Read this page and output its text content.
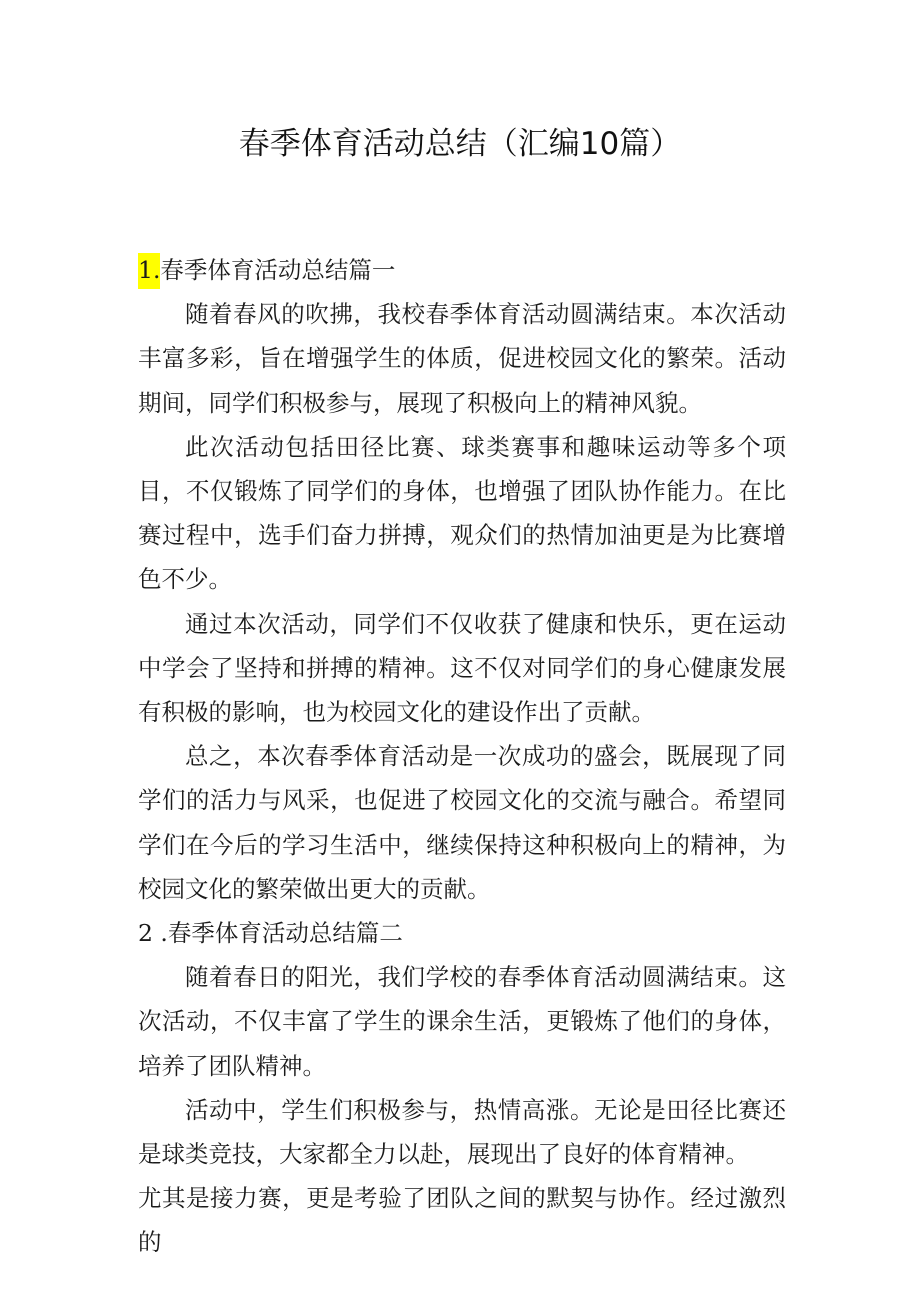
春季体育活动总结（汇编10篇）

1.春季体育活动总结篇一

随着春风的吹拂，我校春季体育活动圆满结束。本次活动丰富多彩，旨在增强学生的体质，促进校园文化的繁荣。活动期间，同学们积极参与，展现了积极向上的精神风貌。

此次活动包括田径比赛、球类赛事和趣味运动等多个项目，不仅锻炼了同学们的身体，也增强了团队协作能力。在比赛过程中，选手们奋力拼搏，观众们的热情加油更是为比赛增色不少。

通过本次活动，同学们不仅收获了健康和快乐，更在运动中学会了坚持和拼搏的精神。这不仅对同学们的身心健康发展有积极的影响，也为校园文化的建设作出了贡献。

总之，本次春季体育活动是一次成功的盛会，既展现了同学们的活力与风采，也促进了校园文化的交流与融合。希望同学们在今后的学习生活中，继续保持这种积极向上的精神，为校园文化的繁荣做出更大的贡献。

2 .春季体育活动总结篇二

随着春日的阳光，我们学校的春季体育活动圆满结束。这次活动，不仅丰富了学生的课余生活，更锻炼了他们的身体，培养了团队精神。

活动中，学生们积极参与，热情高涨。无论是田径比赛还是球类竞技，大家都全力以赴，展现出了良好的体育精神。

尤其是接力赛，更是考验了团队之间的默契与协作。经过激烈的
